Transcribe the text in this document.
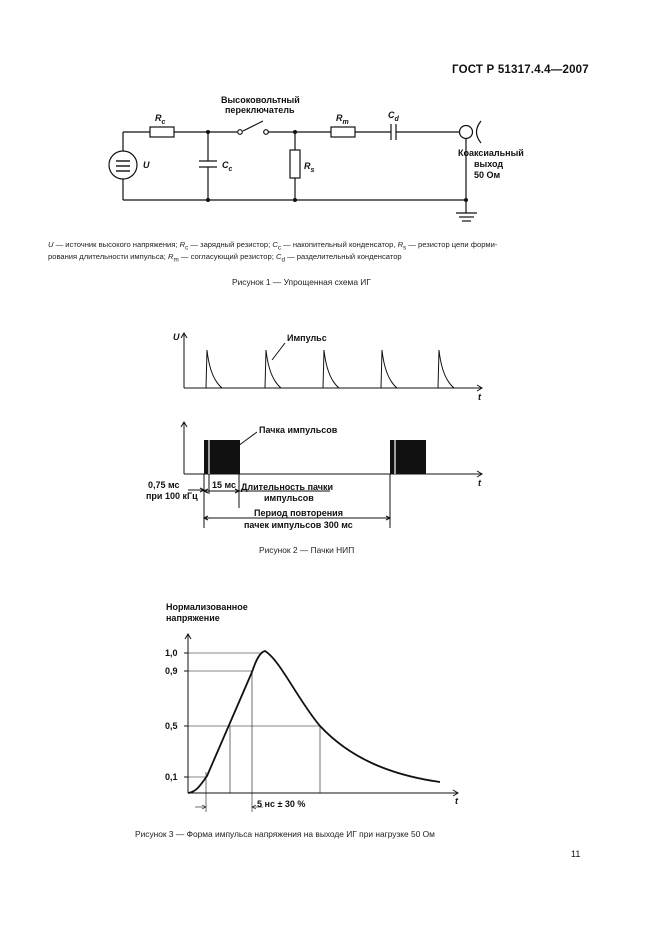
ГОСТ Р 51317.4.4—2007
Высоковольтный
переключатель
$R_c$	$R_m$
$C_d$
$C_c$	$R_s$
U
Коаксиальный
выход
50 Ом
U — источник высокого напряжения; $R_c$ — зарядный резистор; $C_c$ — накопительный конденсатор, $R_s$ — резистор цепи форми-
рования длительности импульса; $R_m$ — согласующий резистор; $C_d$ — разделительный конденсатор
Рисунок 1 — Упрощенная схема ИГ
U
t
t
Импульс
Пачка импульсов
0,75 мс
при 100 кГц
15 мс Длительность пачки
импульсов
Период повторения
пачек импульсов 300 мс
Рисунок 2 — Пачки НИП
Нормализованное
напряжение
1,0
0,9
0,5
0,1
t
5 нс ± 30 %
Рисунок 3 — Форма импульса напряжения на выходе ИГ при нагрузке 50 Ом
11
